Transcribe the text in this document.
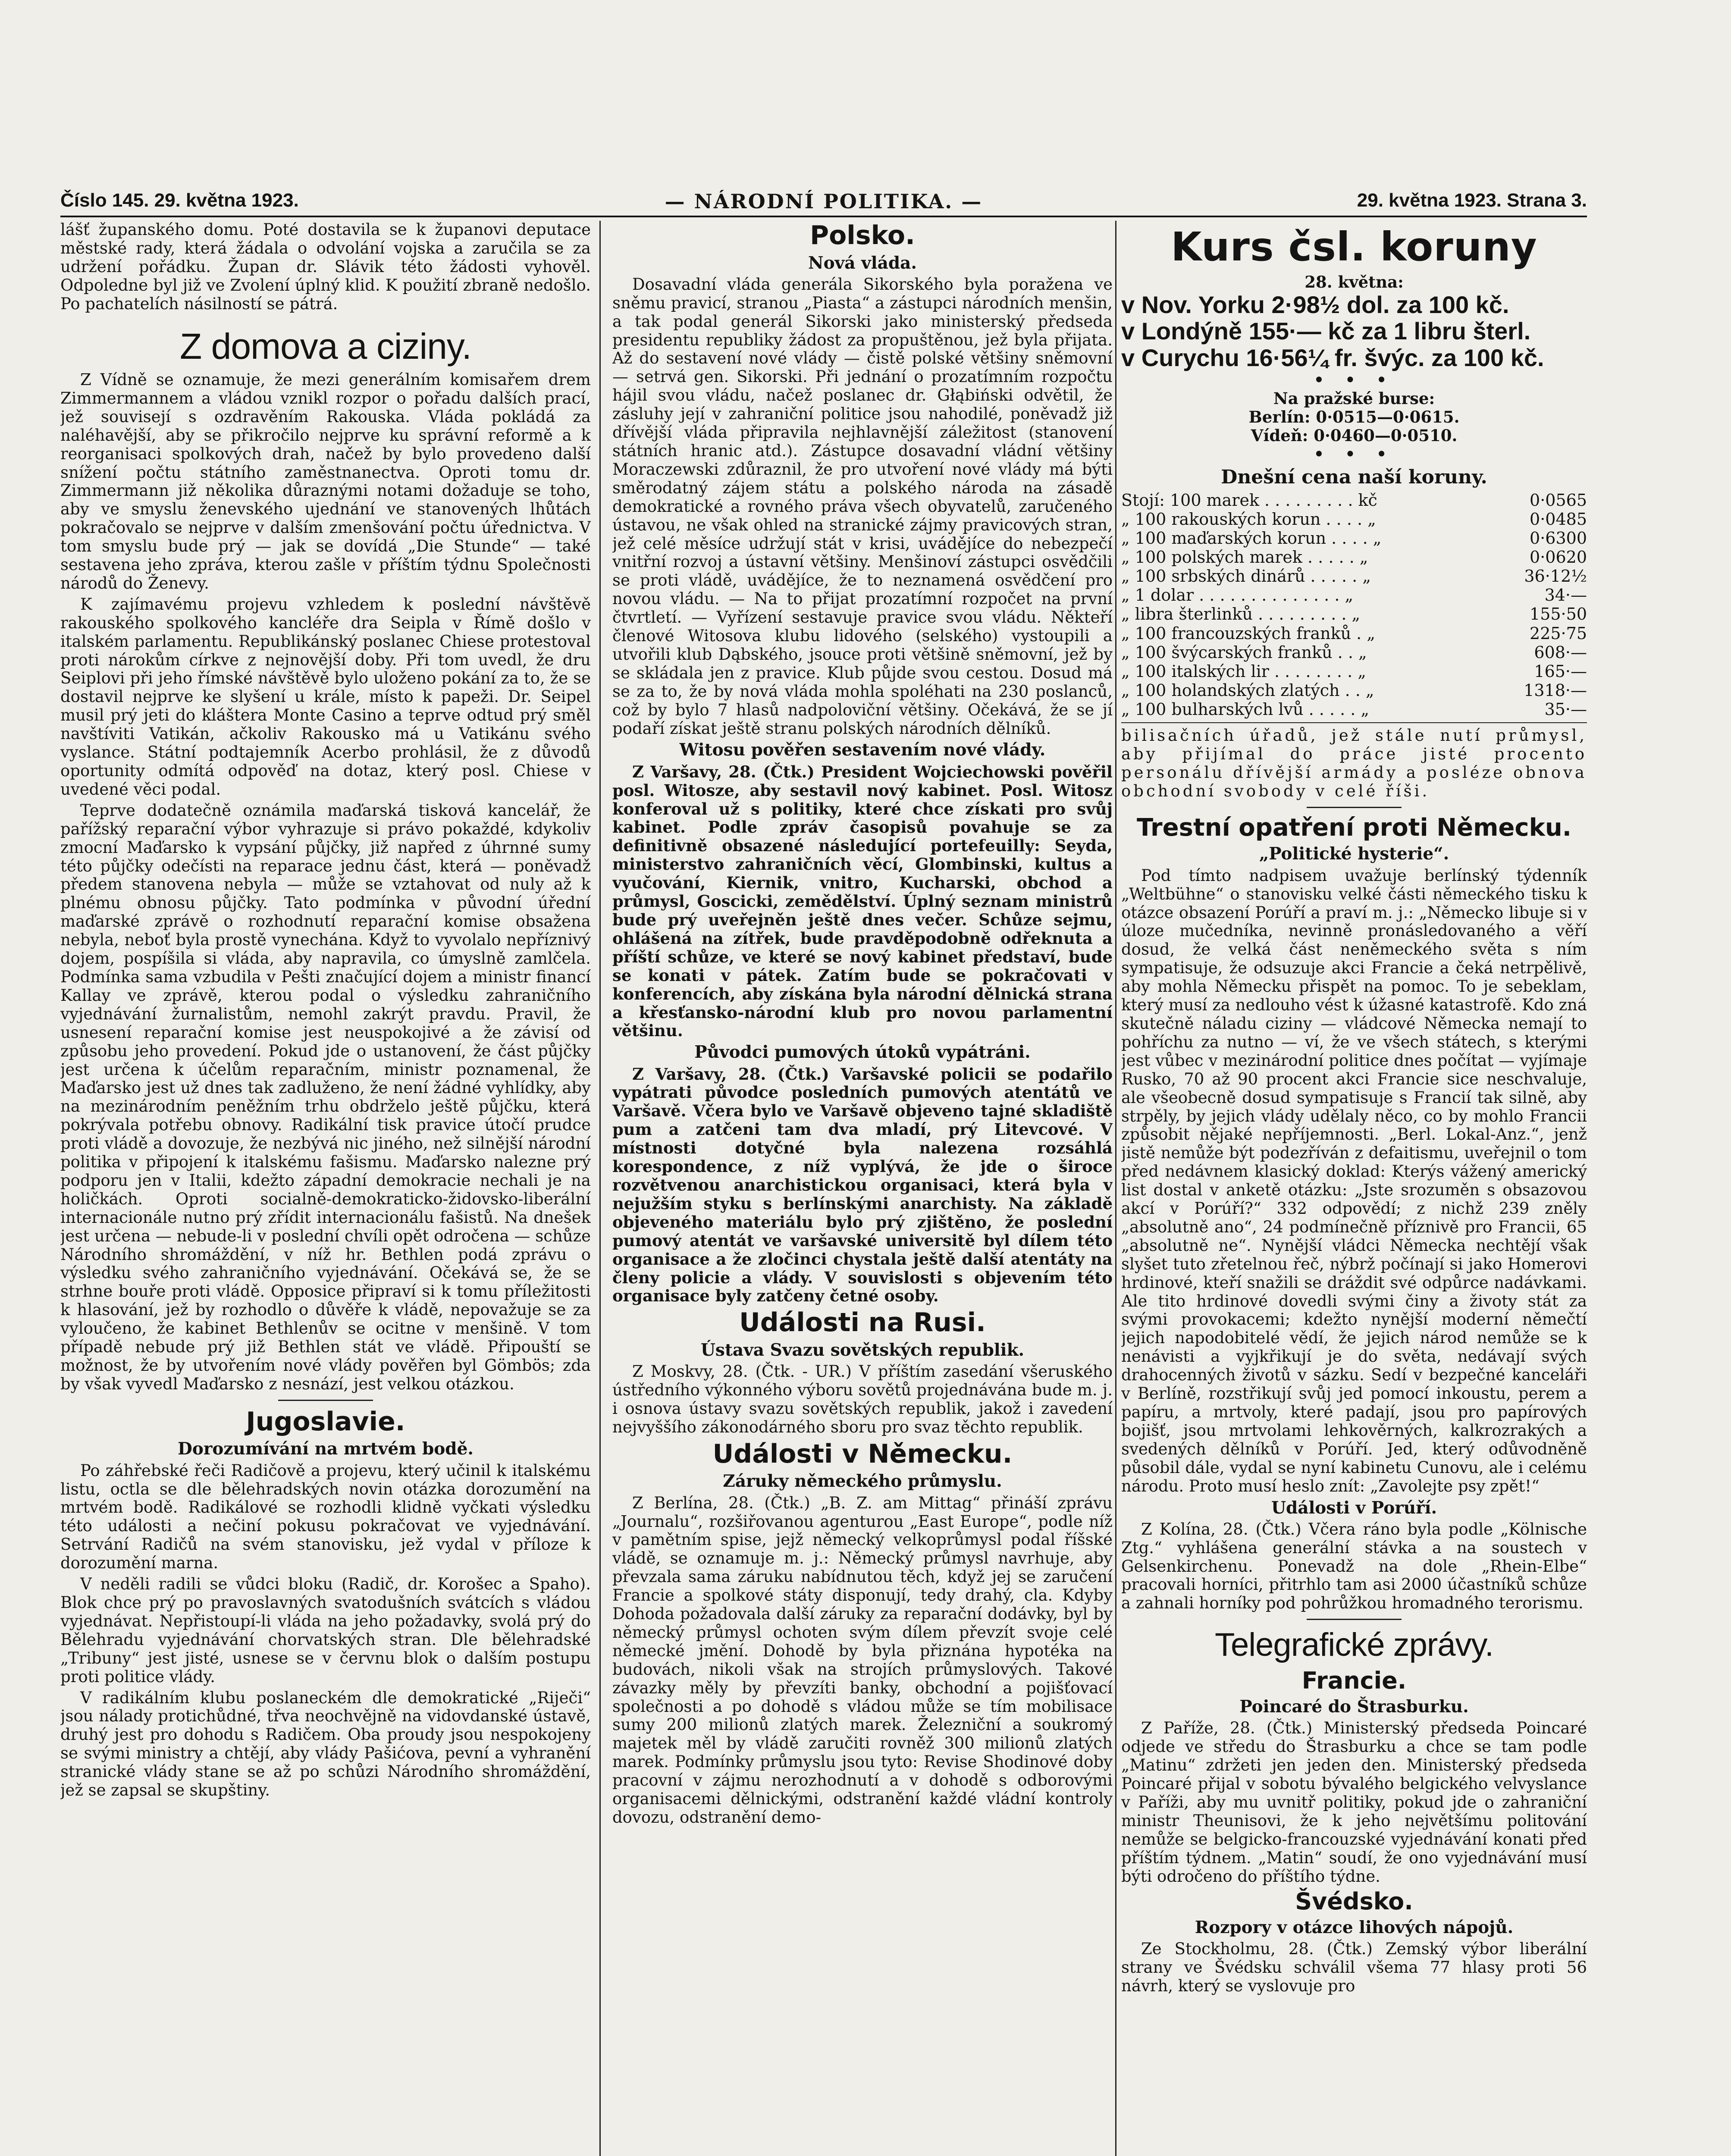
Číslo 145. 29. května 1923.	— NÁRODNÍ POLITIKA. —	29. května 1923. Strana 3.

lášť županského domu. Poté dostavila se k županovi deputace městské rady, která žádala o odvolání vojska a zaručila se za udržení pořádku. Župan dr. Slávik této žádosti vyhověl. Odpoledne byl již ve Zvolení úplný klid. K použití zbraně nedošlo. Po pachatelích násilností se pátrá.

Z domova a ciziny.

Z Vídně se oznamuje, že mezi generálním komisařem drem Zimmermannem a vládou vznikl rozpor o pořadu dalších prací, jež souvisejí s ozdravěním Rakouska. Vláda pokládá za naléhavější, aby se přikročilo nejprve ku správní reformě a k reorganisaci spolkových drah, načež by bylo provedeno další snížení počtu státního zaměstnanectva. Oproti tomu dr. Zimmermann již několika důraznými notami dožaduje se toho, aby ve smyslu ženevského ujednání ve stanovených lhůtách pokračovalo se nejprve v dalším zmenšování počtu úřednictva. V tom smyslu bude prý — jak se dovídá „Die Stunde“ — také sestavena jeho zpráva, kterou zašle v příštím týdnu Společnosti národů do Ženevy.

K zajímavému projevu vzhledem k poslední návštěvě rakouského spolkového kancléře dra Seipla v Římě došlo v italském parlamentu. Republikánský poslanec Chiese protestoval proti nárokům církve z nejnovější doby. Při tom uvedl, že dru Seiplovi při jeho římské návštěvě bylo uloženo pokání za to, že se dostavil nejprve ke slyšení u krále, místo k papeži. Dr. Seipel musil prý jeti do kláštera Monte Casino a teprve odtud prý směl navštíviti Vatikán, ačkoliv Rakousko má u Vatikánu svého vyslance. Státní podtajemník Acerbo prohlásil, že z důvodů oportunity odmítá odpověď na dotaz, který posl. Chiese v uvedené věci podal.

Teprve dodatečně oznámila maďarská tisková kancelář, že pařížský reparační výbor vyhrazuje si právo pokaždé, kdykoliv zmocní Maďarsko k vypsání půjčky, již napřed z úhrnné sumy této půjčky odečísti na reparace jednu část, která — poněvadž předem stanovena nebyla — může se vztahovat od nuly až k plnému obnosu půjčky. Tato podmínka v původní úřední maďarské zprávě o rozhodnutí reparační komise obsažena nebyla, neboť byla prostě vynechána. Když to vyvolalo nepříznivý dojem, pospíšila si vláda, aby napravila, co úmyslně zamlčela. Podmínka sama vzbudila v Pešti značující dojem a ministr financí Kallay ve zprávě, kterou podal o výsledku zahraničního vyjednávání žurnalistům, nemohl zakrýt pravdu. Pravil, že usnesení reparační komise jest neuspokojivé a že závisí od způsobu jeho provedení. Pokud jde o ustanovení, že část půjčky jest určena k účelům reparačním, ministr poznamenal, že Maďarsko jest už dnes tak zadluženo, že není žádné vyhlídky, aby na mezinárodním peněžním trhu obdrželo ještě půjčku, která pokrývala potřebu obnovy. Radikální tisk pravice útočí prudce proti vládě a dovozuje, že nezbývá nic jiného, než silnější národní politika v připojení k italskému fašismu. Maďarsko nalezne prý podporu jen v Italii, kdežto západní demokracie nechali je na holičkách. Oproti socialně-demokraticko-židovsko-liberální internacionále nutno prý zřídit internacionálu fašistů. Na dnešek jest určena — nebude-li v poslední chvíli opět odročena — schůze Národního shromáždění, v níž hr. Bethlen podá zprávu o výsledku svého zahraničního vyjednávání. Očekává se, že se strhne bouře proti vládě. Opposice připraví si k tomu příležitosti k hlasování, jež by rozhodlo o důvěře k vládě, nepovažuje se za vyloučeno, že kabinet Bethlenův se ocitne v menšině. V tom případě nebude prý již Bethlen stát ve vládě. Připouští se možnost, že by utvořením nové vlády pověřen byl Gömbös; zda by však vyvedl Maďarsko z nesnází, jest velkou otázkou.

Jugoslavie.
Dorozumívání na mrtvém bodě.

Po záhřebské řeči Radičově a projevu, který učinil k italskému listu, octla se dle bělehradských novin otázka dorozumění na mrtvém bodě. Radikálové se rozhodli klidně vyčkati výsledku této události a nečiní pokusu pokračovat ve vyjednávání. Setrvání Radičů na svém stanovisku, jež vydal v příloze k dorozumění marna.

V neděli radili se vůdci bloku (Radič, dr. Korošec a Spaho). Blok chce prý po pravoslavných svatodušních svátcích s vládou vyjednávat. Nepřistoupí-li vláda na jeho požadavky, svolá prý do Bělehradu vyjednávání chorvatských stran. Dle bělehradské „Tribuny“ jest jisté, usnese se v červnu blok o dalším postupu proti politice vlády.

V radikálním klubu poslaneckém dle demokratické „Riječi“ jsou nálady protichůdné, třva neochvějně na vidovdanské ústavě, druhý jest pro dohodu s Radičem. Oba proudy jsou nespokojeny se svými ministry a chtějí, aby vlády Pašićova, pevní a vyhranění stranické vlády stane se až po schůzi Národního shromáždění, jež se zapsal se skupštiny.

Polsko.
Nová vláda.

Dosavadní vláda generála Sikorského byla poražena ve sněmu pravicí, stranou „Piasta“ a zástupci národních menšin, a tak podal generál Sikorski jako ministerský předseda presidentu republiky žádost za propuštěnou, jež byla přijata. Až do sestavení nové vlády — čistě polské většiny sněmovní — setrvá gen. Sikorski. Při jednání o prozatímním rozpočtu hájil svou vládu, načež poslanec dr. Głąbiński odvětil, že zásluhy její v zahraniční politice jsou nahodilé, poněvadž již dřívější vláda připravila nejhlavnější záležitost (stanovení státních hranic atd.). Zástupce dosavadní vládní většiny Moraczewski zdůraznil, že pro utvoření nové vlády má býti směrodatný zájem státu a polského národa na zásadě demokratické a rovného práva všech obyvatelů, zaručeného ústavou, ne však ohled na stranické zájmy pravicových stran, jež celé měsíce udržují stát v krisi, uvádějíce do nebezpečí vnitřní rozvoj a ústavní většiny. Menšinoví zástupci osvědčili se proti vládě, uvádějíce, že to neznamená osvědčení pro novou vládu. — Na to přijat prozatímní rozpočet na první čtvrtletí. — Vyřízení sestavuje pravice svou vládu. Někteří členové Witosova klubu lidového (selského) vystoupili a utvořili klub Dąbského, jsouce proti většině sněmovní, jež by se skládala jen z pravice. Klub půjde svou cestou. Dosud má se za to, že by nová vláda mohla spoléhati na 230 poslanců, což by bylo 7 hlasů nadpoloviční většiny. Očekává, že se jí podaří získat ještě stranu polských národních dělníků.

Witosu pověřen sestavením nové vlády.

Z Varšavy, 28. (Čtk.) President Wojciechowski pověřil posl. Witosze, aby sestavil nový kabinet. Posl. Witosz konferoval už s politiky, které chce získati pro svůj kabinet. Podle zpráv časopisů povahuje se za definitivně obsazené následující portefeuilly: Seyda, ministerstvo zahraničních věcí, Glombinski, kultus a vyučování, Kiernik, vnitro, Kucharski, obchod a průmysl, Goscicki, zemědělství. Úplný seznam ministrů bude prý uveřejněn ještě dnes večer. Schůze sejmu, ohlášená na zítřek, bude pravděpodobně odřeknuta a příští schůze, ve které se nový kabinet představí, bude se konati v pátek. Zatím bude se pokračovati v konferencích, aby získána byla národní dělnická strana a křesťansko-národní klub pro novou parlamentní většinu.

Původci pumových útoků vypátráni.

Z Varšavy, 28. (Čtk.) Varšavské policii se podařilo vypátrati původce posledních pumových atentátů ve Varšavě. Včera bylo ve Varšavě objeveno tajné skladiště pum a zatčeni tam dva mladí, prý Litevcové. V místnosti dotyčné byla nalezena rozsáhlá korespondence, z níž vyplývá, že jde o široce rozvětvenou anarchistickou organisaci, která byla v nejužším styku s berlínskými anarchisty. Na základě objeveného materiálu bylo prý zjištěno, že poslední pumový atentát ve varšavské universitě byl dílem této organisace a že zločinci chystala ještě další atentáty na členy policie a vlády. V souvislosti s objevením této organisace byly zatčeny četné osoby.

Události na Rusi.
Ústava Svazu sovětských republik.

Z Moskvy, 28. (Čtk. - UR.) V příštím zasedání všeruského ústředního výkonného výboru sovětů projednávána bude m. j. i osnova ústavy svazu sovětských republik, jakož i zavedení nejvyššího zákonodárného sboru pro svaz těchto republik.

Události v Německu.
Záruky německého průmyslu.

Z Berlína, 28. (Čtk.) „B. Z. am Mittag“ přináší zprávu „Journalu“, rozšiřovanou agenturou „East Europe“, podle níž v pamětním spise, jejž německý velkoprůmysl podal říšské vládě, se oznamuje m. j.: Německý průmysl navrhuje, aby převzala sama záruku nabídnutou těch, když jej se zaručení Francie a spolkové státy disponují, tedy drahý, cla. Kdyby Dohoda požadovala další záruky za reparační dodávky, byl by německý průmysl ochoten svým dílem převzít svoje celé německé jmění. Dohodě by byla přiznána hypotéka na budovách, nikoli však na strojích průmyslových. Takové závazky měly by převzíti banky, obchodní a pojišťovací společnosti a po dohodě s vládou může se tím mobilisace sumy 200 milionů zlatých marek. Železniční a soukromý majetek měl by vládě zaručiti rovněž 300 milionů zlatých marek. Podmínky průmyslu jsou tyto: Revise Shodinové doby pracovní v zájmu nerozhodnutí a v dohodě s odborovými organisacemi dělnickými, odstranění každé vládní kontroly dovozu, odstranění demo-

Kurs čsl. koruny
28. května:
v Nov. Yorku 2·98½ dol. za 100 kč.
v Londýně 155·— kč za 1 libru šterl.
v Curychu 16·56¼ fr. švýc. za 100 kč.
• • •
Na pražské burse:
Berlín: 0·0515—0·0615.
Vídeň: 0·0460—0·0510.
• • •
Dnešní cena naší koruny.
Stojí: 100 marek . . . . . . . . . kč	0·0565
„ 100 rakouských korun . . . . „	0·0485
„ 100 maďarských korun . . . . „	0·6300
„ 100 polských marek . . . . . „	0·0620
„ 100 srbských dinárů . . . . . „	36·12½
„ 1 dolar . . . . . . . . . . . . . . „	34·—
„ libra šterlinků . . . . . . . . . „	155·50
„ 100 francouzských franků . „	225·75
„ 100 švýcarských franků . . „	608·—
„ 100 italských lir . . . . . . . . „	165·—
„ 100 holandských zlatých . . „	1318·—
„ 100 bulharských lvů . . . . . „	35·—

bilisačních úřadů, jež stále nutí průmysl, aby přijímal do práce jisté procento personálu dřívější armády a posléze obnova obchodní svobody v celé říši.

Trestní opatření proti Německu.
„Politické hysterie“.

Pod tímto nadpisem uvažuje berlínský týdenník „Weltbühne“ o stanovisku velké části německého tisku k otázce obsazení Porúří a praví m. j.: „Německo libuje si v úloze mučedníka, nevinně pronásledovaného a věří dosud, že velká část neněmeckého světa s ním sympatisuje, že odsuzuje akci Francie a čeká netrpělivě, aby mohla Německu přispět na pomoc. To je sebeklam, který musí za nedlouho vést k úžasné katastrofě. Kdo zná skutečně náladu ciziny — vládcové Německa nemají to pohříchu za nutno — ví, že ve všech státech, s kterými jest vůbec v mezinárodní politice dnes počítat — vyjímaje Rusko, 70 až 90 procent akci Francie sice neschvaluje, ale všeobecně dosud sympatisuje s Francií tak silně, aby strpěly, by jejich vlády udělaly něco, co by mohlo Francii způsobit nějaké nepříjemnosti. „Berl. Lokal-Anz.“, jenž jistě nemůže být podezříván z defaitismu, uveřejnil o tom před nedávnem klasický doklad: Kterýs vážený americký list dostal v anketě otázku: „Jste srozuměn s obsazovou akcí v Porúří?“ 332 odpovědí; z nichž 239 zněly „absolutně ano“, 24 podmínečně příznivě pro Francii, 65 „absolutně ne“. Nynější vládci Německa nechtějí však slyšet tuto zřetelnou řeč, nýbrž počínají si jako Homerovi hrdinové, kteří snažili se dráždit své odpůrce nadávkami. Ale tito hrdinové dovedli svými činy a životy stát za svými provokacemi; kdežto nynější moderní němečtí jejich napodobitelé vědí, že jejich národ nemůže se k nenávisti a vyjkřikují je do světa, nedávají svých drahocenných životů v sázku. Sedí v bezpečné kanceláři v Berlíně, rozstřikují svůj jed pomocí inkoustu, perem a papíru, a mrtvoly, které padají, jsou pro papírových bojišť, jsou mrtvolami lehkověrných, kalkrozrakých a svedených dělníků v Porúří. Jed, který odůvodněně působil dále, vydal se nyní kabinetu Cunovu, ale i celému národu. Proto musí heslo znít: „Zavolejte psy zpět!“

Události v Porúří.

Z Kolína, 28. (Čtk.) Včera ráno byla podle „Kölnische Ztg.“ vyhlášena generální stávka a na soustech v Gelsenkirchenu. Ponevadž na dole „Rhein-Elbe“ pracovali horníci, přitrhlo tam asi 2000 účastníků schůze a zahnali horníky pod pohrůžkou hromadného terorismu.

Telegrafické zprávy.
Francie.
Poincaré do Štrasburku.

Z Paříže, 28. (Čtk.) Ministerský předseda Poincaré odjede ve středu do Štrasburku a chce se tam podle „Matinu“ zdržeti jen jeden den. Ministerský předseda Poincaré přijal v sobotu bývalého belgického velvyslance v Paříži, aby mu uvnitř politiky, pokud jde o zahraniční ministr Theunisovi, že k jeho největšímu politování nemůže se belgicko-francouzské vyjednávání konati před příštím týdnem. „Matin“ soudí, že ono vyjednávání musí býti odročeno do příštího týdne.

Švédsko.
Rozpory v otázce lihových nápojů.

Ze Stockholmu, 28. (Čtk.) Zemský výbor liberální strany ve Švédsku schválil všema 77 hlasy proti 56 návrh, který se vyslovuje pro
